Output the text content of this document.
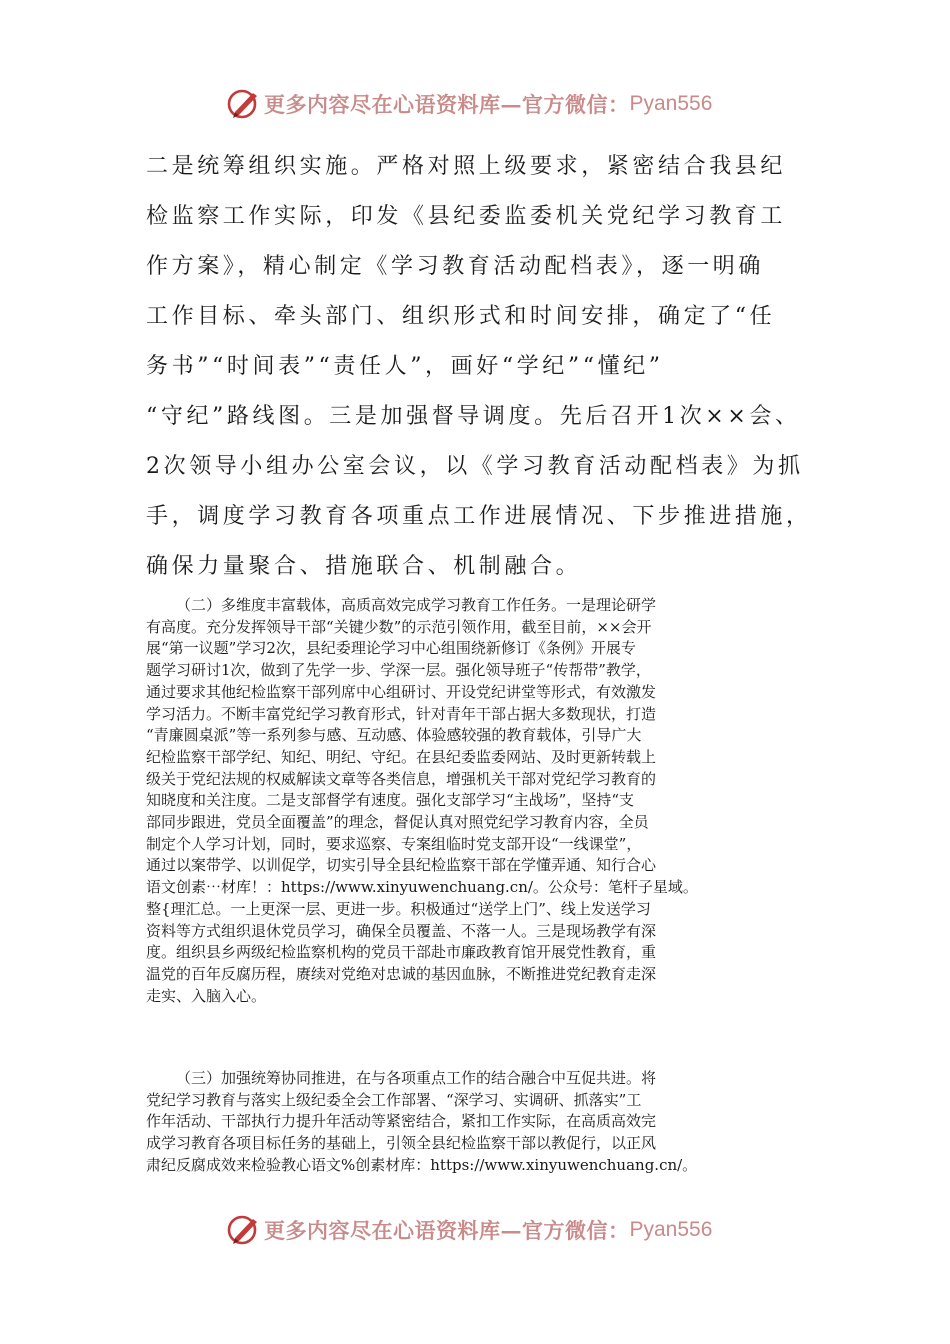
更多内容尽在心语资料库—官方微信： Pyan556

二是统筹组织实施。严格对照上级要求，紧密结合我县纪

检监察工作实际，印发《县纪委监委机关党纪学习教育工

作方案》，精心制定《学习教育活动配档表》，逐一明确

工作目标、牵头部门、组织形式和时间安排，确定了“任

务书”“时间表”“责任人”，画好“学纪”“懂纪”

“守纪”路线图。三是加强督导调度。先后召开1次××会、

2次领导小组办公室会议，以《学习教育活动配档表》为抓

手，调度学习教育各项重点工作进展情况、下步推进措施，

确保力量聚合、措施联合、机制融合。

（二）多维度丰富载体，高质高效完成学习教育工作任务。一是理论研学

有高度。充分发挥领导干部“关键少数”的示范引领作用，截至目前，××会开

展“第一议题”学习2次，县纪委理论学习中心组围绕新修订《条例》开展专

题学习研讨1次，做到了先学一步、学深一层。强化领导班子“传帮带”教学，

通过要求其他纪检监察干部列席中心组研讨、开设党纪讲堂等形式，有效激发

学习活力。不断丰富党纪学习教育形式，针对青年干部占据大多数现状，打造

“青廉圆桌派”等一系列参与感、互动感、体验感较强的教育载体，引导广大

纪检监察干部学纪、知纪、明纪、守纪。在县纪委监委网站、及时更新转载上

级关于党纪法规的权威解读文章等各类信息，增强机关干部对党纪学习教育的

知晓度和关注度。二是支部督学有速度。强化支部学习“主战场”，坚持“支

部同步跟进，党员全面覆盖”的理念，督促认真对照党纪学习教育内容，全员

制定个人学习计划，同时，要求巡察、专案组临时党支部开设“一线课堂”，

通过以案带学、以训促学，切实引导全县纪检监察干部在学懂弄通、知行合心

语文创素⋯材库！：https://www.xinyuwenchuang.cn/。公众号：笔杆子星域。

整{理汇总。一上更深一层、更进一步。积极通过“送学上门”、线上发送学习

资料等方式组织退休党员学习，确保全员覆盖、不落一人。三是现场教学有深

度。组织县乡两级纪检监察机构的党员干部赴市廉政教育馆开展党性教育，重

温党的百年反腐历程，赓续对党绝对忠诚的基因血脉，不断推进党纪教育走深

走实、入脑入心。

（三）加强统筹协同推进，在与各项重点工作的结合融合中互促共进。将

党纪学习教育与落实上级纪委全会工作部署、“深学习、实调研、抓落实”工

作年活动、干部执行力提升年活动等紧密结合，紧扣工作实际，在高质高效完

成学习教育各项目标任务的基础上，引领全县纪检监察干部以教促行，以正风

肃纪反腐成效来检验教心语文%创素材库：https://www.xinyuwenchuang.cn/。

更多内容尽在心语资料库—官方微信： Pyan556
